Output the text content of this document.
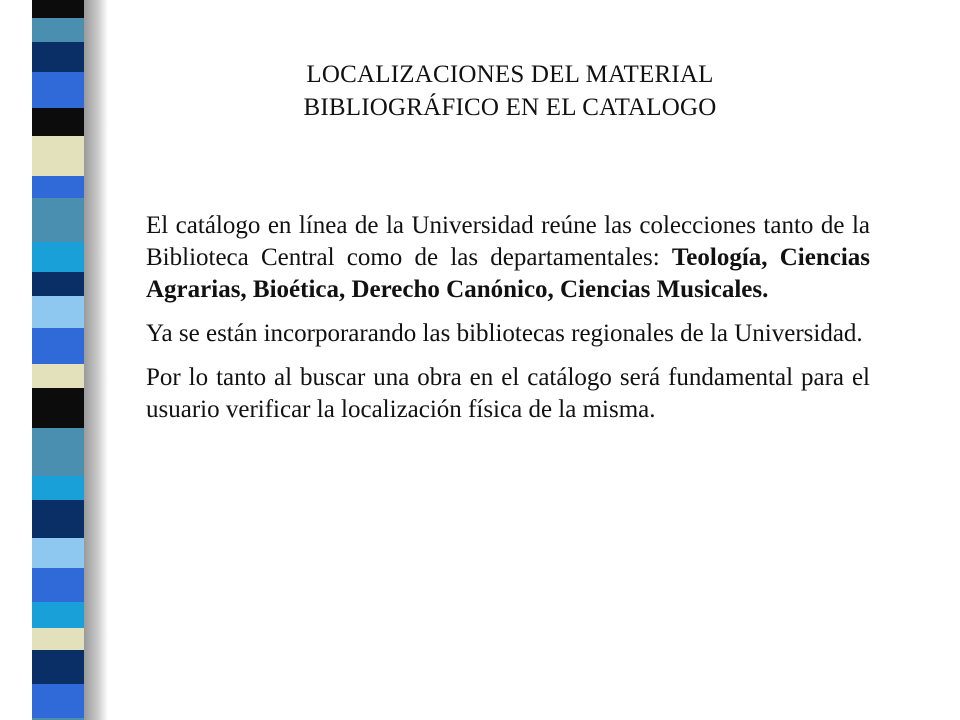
LOCALIZACIONES DEL MATERIAL
BIBLIOGRÁFICO EN EL CATALOGO

El catálogo en línea de la Universidad reúne las colecciones tanto de la Biblioteca Central como de las departamentales: Teología, Ciencias Agrarias, Bioética, Derecho Canónico, Ciencias Musicales.

Ya se están incorporarando las bibliotecas regionales de la Universidad.

Por lo tanto al buscar una obra en el catálogo será fundamental para el usuario verificar la localización física de la misma.
